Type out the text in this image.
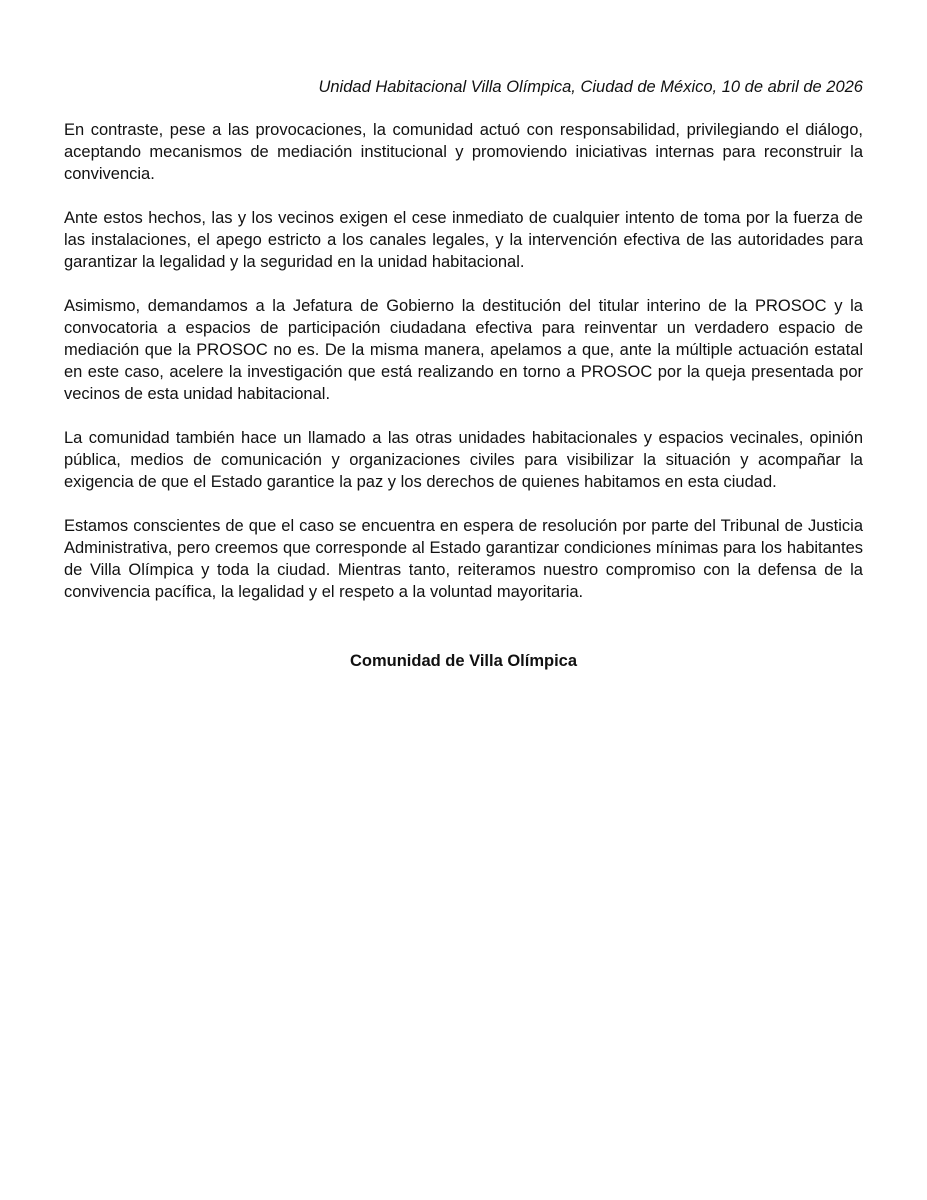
Unidad Habitacional Villa Olímpica, Ciudad de México, 10 de abril de 2026

En contraste, pese a las provocaciones, la comunidad actuó con responsabilidad, privilegiando el diálogo, aceptando mecanismos de mediación institucional y promoviendo iniciativas internas para reconstruir la convivencia.

Ante estos hechos, las y los vecinos exigen el cese inmediato de cualquier intento de toma por la fuerza de las instalaciones, el apego estricto a los canales legales, y la intervención efectiva de las autoridades para garantizar la legalidad y la seguridad en la unidad habitacional.

Asimismo, demandamos a la Jefatura de Gobierno la destitución del titular interino de la PROSOC y la convocatoria a espacios de participación ciudadana efectiva para reinventar un verdadero espacio de mediación que la PROSOC no es. De la misma manera, apelamos a que, ante la múltiple actuación estatal en este caso, acelere la investigación que está realizando en torno a PROSOC por la queja presentada por vecinos de esta unidad habitacional.

La comunidad también hace un llamado a las otras unidades habitacionales y espacios vecinales, opinión pública, medios de comunicación y organizaciones civiles para visibilizar la situación y acompañar la exigencia de que el Estado garantice la paz y los derechos de quienes habitamos en esta ciudad.

Estamos conscientes de que el caso se encuentra en espera de resolución por parte del Tribunal de Justicia Administrativa, pero creemos que corresponde al Estado garantizar condiciones mínimas para los habitantes de Villa Olímpica y toda la ciudad. Mientras tanto, reiteramos nuestro compromiso con la defensa de la convivencia pacífica, la legalidad y el respeto a la voluntad mayoritaria.

Comunidad de Villa Olímpica
